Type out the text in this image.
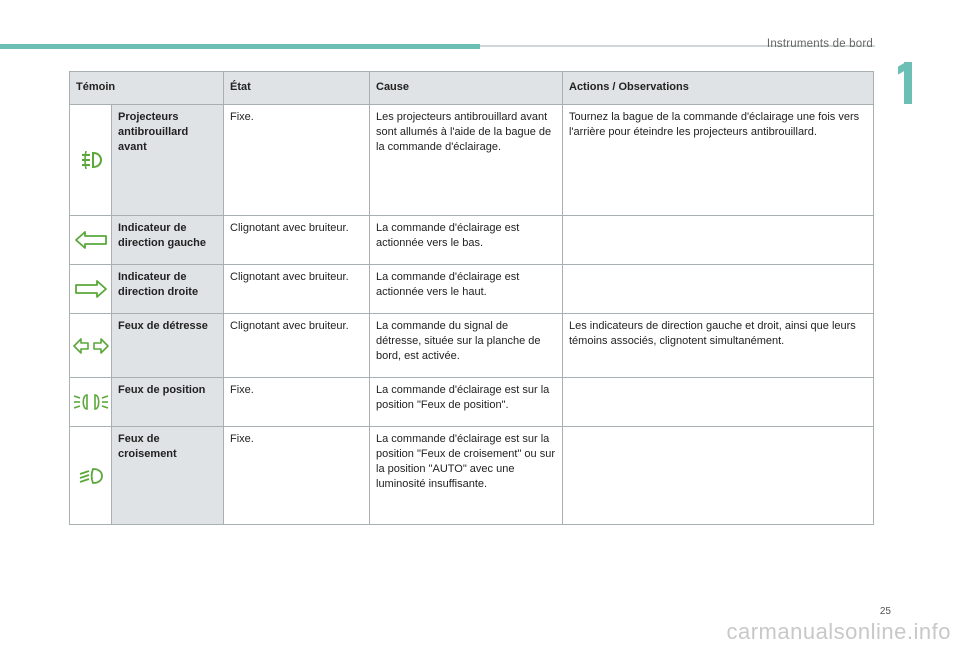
Instruments de bord
Témoin		État	Cause	Actions / Observations

	Projecteurs antibrouillard avant	Fixe.	Les projecteurs antibrouillard avant sont allumés à l'aide de la bague de la commande d'éclairage.	Tournez la bague de la commande d'éclairage une fois vers l'arrière pour éteindre les projecteurs antibrouillard.

	Indicateur de direction gauche	Clignotant avec bruiteur.	La commande d'éclairage est actionnée vers le bas.	

	Indicateur de direction droite	Clignotant avec bruiteur.	La commande d'éclairage est actionnée vers le haut.	

	Feux de détresse	Clignotant avec bruiteur.	La commande du signal de détresse, située sur la planche de bord, est activée.	Les indicateurs de direction gauche et droit, ainsi que leurs témoins associés, clignotent simultanément.

	Feux de position	Fixe.	La commande d'éclairage est sur la position "Feux de position".	

	Feux de croisement	Fixe.	La commande d'éclairage est sur la position "Feux de croisement" ou sur la position "AUTO" avec une luminosité insuffisante.	
25
carmanualsonline.info
